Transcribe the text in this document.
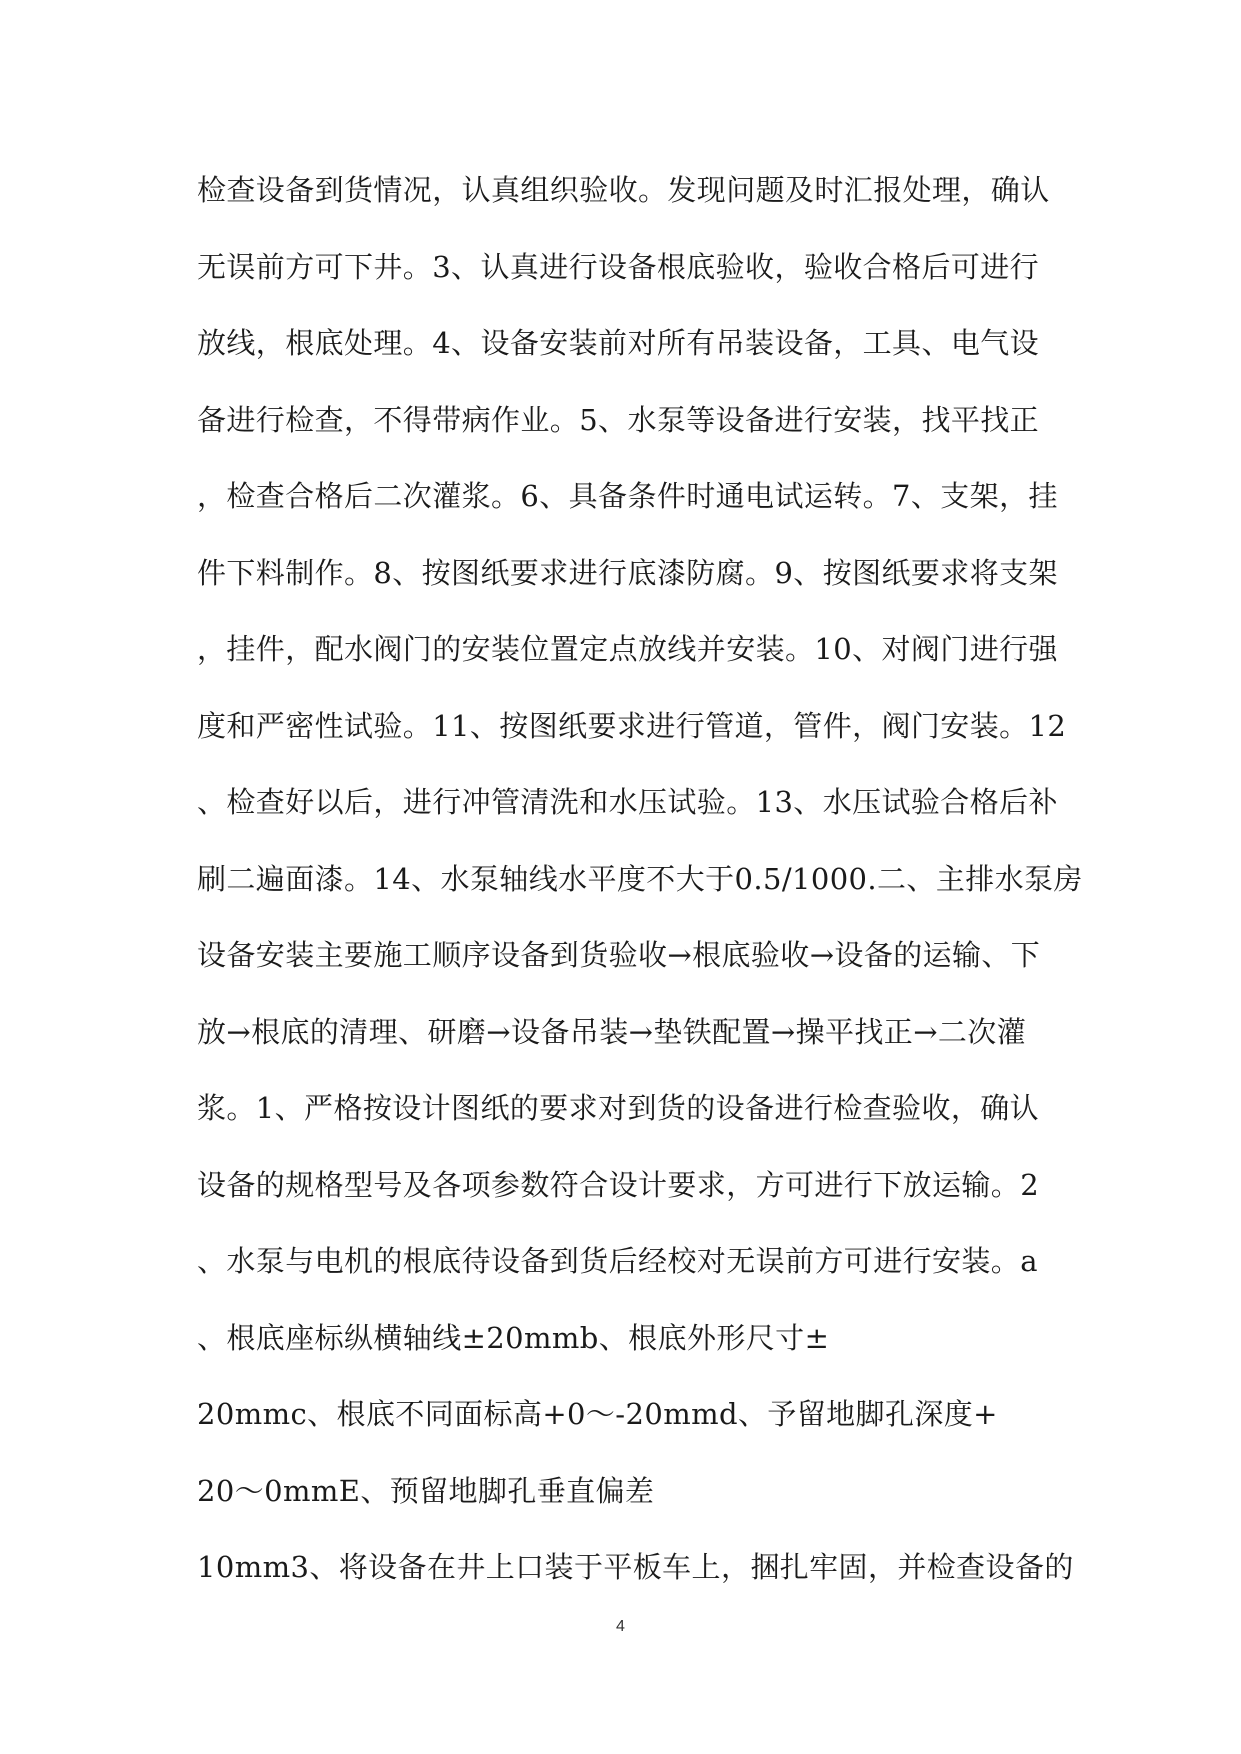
检查设备到货情况，认真组织验收。发现问题及时汇报处理，确认
无误前方可下井。3、认真进行设备根底验收，验收合格后可进行
放线，根底处理。4、设备安装前对所有吊装设备，工具、电气设
备进行检查，不得带病作业。5、水泵等设备进行安装，找平找正
，检查合格后二次灌浆。6、具备条件时通电试运转。7、支架，挂
件下料制作。8、按图纸要求进行底漆防腐。9、按图纸要求将支架
，挂件，配水阀门的安装位置定点放线并安装。10、对阀门进行强
度和严密性试验。11、按图纸要求进行管道，管件，阀门安装。12
、检查好以后，进行冲管清洗和水压试验。13、水压试验合格后补
刷二遍面漆。14、水泵轴线水平度不大于0.5/1000.二、主排水泵房
设备安装主要施工顺序设备到货验收→根底验收→设备的运输、下
放→根底的清理、研磨→设备吊装→垫铁配置→操平找正→二次灌
浆。1、严格按设计图纸的要求对到货的设备进行检查验收，确认
设备的规格型号及各项参数符合设计要求，方可进行下放运输。2
、水泵与电机的根底待设备到货后经校对无误前方可进行安装。a
、根底座标纵横轴线±20mmb、根底外形尺寸±
20mmc、根底不同面标高+0～-20mmd、予留地脚孔深度+
20～0mmE、预留地脚孔垂直偏差
10mm3、将设备在井上口装于平板车上，捆扎牢固，并检查设备的
4
